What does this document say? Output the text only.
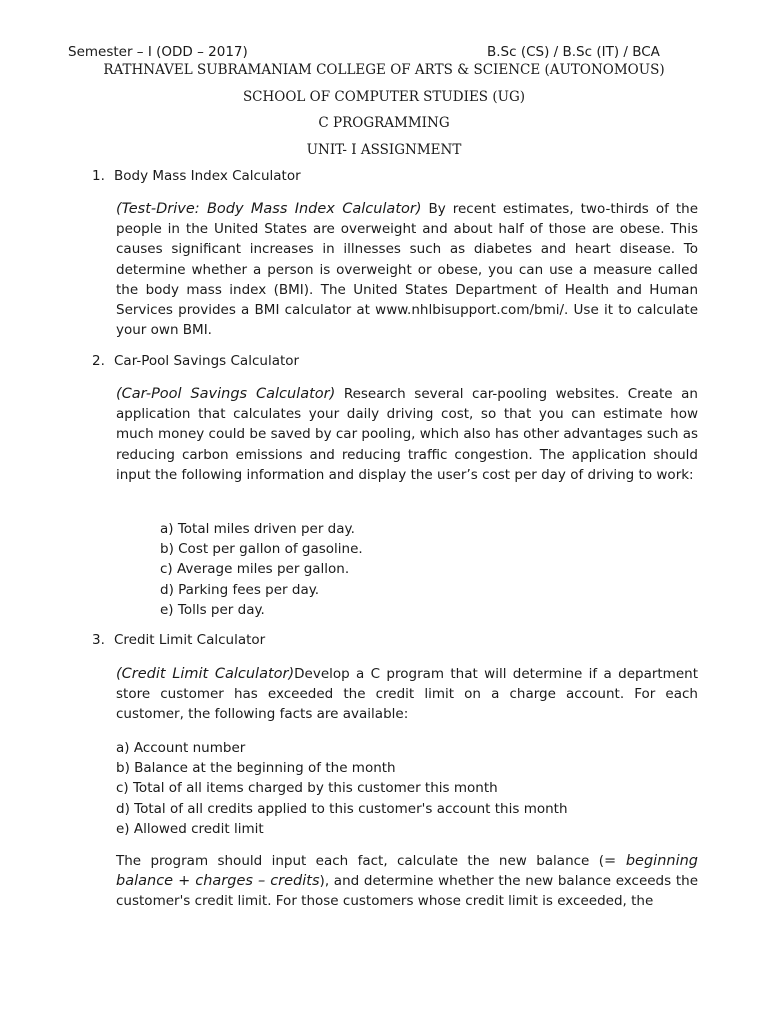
Semester – I (ODD – 2017)	B.Sc (CS) / B.Sc (IT) / BCA
RATHNAVEL SUBRAMANIAM COLLEGE OF ARTS & SCIENCE (AUTONOMOUS)
SCHOOL OF COMPUTER STUDIES (UG)
C PROGRAMMING
UNIT- I ASSIGNMENT
1. Body Mass Index Calculator

(Test-Drive: Body Mass Index Calculator) By recent estimates, two-thirds of the people in the United States are overweight and about half of those are obese. This causes significant increases in illnesses such as diabetes and heart disease. To determine whether a person is overweight or obese, you can use a measure called the body mass index (BMI). The United States Department of Health and Human Services provides a BMI calculator at www.nhlbisupport.com/bmi/. Use it to calculate your own BMI.

2. Car-Pool Savings Calculator

(Car-Pool Savings Calculator) Research several car-pooling websites. Create an application that calculates your daily driving cost, so that you can estimate how much money could be saved by car pooling, which also has other advantages such as reducing carbon emissions and reducing traffic congestion. The application should input the following information and display the user’s cost per day of driving to work:

a) Total miles driven per day.
b) Cost per gallon of gasoline.
c) Average miles per gallon.
d) Parking fees per day.
e) Tolls per day.
3. Credit Limit Calculator

(Credit Limit Calculator)Develop a C program that will determine if a department store customer has exceeded the credit limit on a charge account. For each customer, the following facts are available:

a) Account number
b) Balance at the beginning of the month
c) Total of all items charged by this customer this month
d) Total of all credits applied to this customer's account this month
e) Allowed credit limit

The program should input each fact, calculate the new balance (= beginning balance + charges – credits), and determine whether the new balance exceeds the customer's credit limit. For those customers whose credit limit is exceeded, the
